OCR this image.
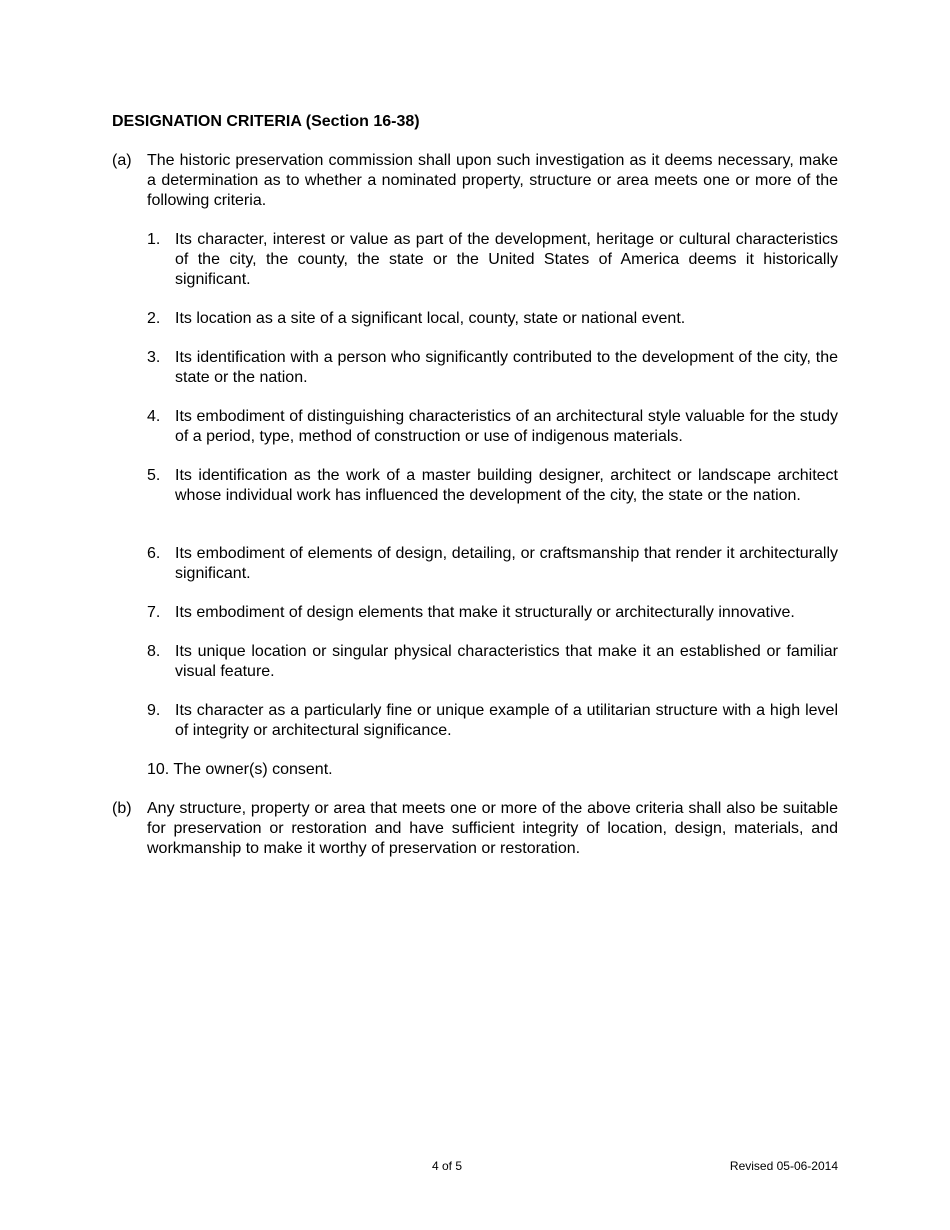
DESIGNATION CRITERIA (Section 16-38)
(a) The historic preservation commission shall upon such investigation as it deems necessary, make a determination as to whether a nominated property, structure or area meets one or more of the following criteria.
1. Its character, interest or value as part of the development, heritage or cultural characteristics of the city, the county, the state or the United States of America deems it historically significant.
2. Its location as a site of a significant local, county, state or national event.
3. Its identification with a person who significantly contributed to the development of the city, the state or the nation.
4. Its embodiment of distinguishing characteristics of an architectural style valuable for the study of a period, type, method of construction or use of indigenous materials.
5. Its identification as the work of a master building designer, architect or landscape architect whose individual work has influenced the development of the city, the state or the nation.
6. Its embodiment of elements of design, detailing, or craftsmanship that render it architecturally significant.
7. Its embodiment of design elements that make it structurally or architecturally innovative.
8. Its unique location or singular physical characteristics that make it an established or familiar visual feature.
9. Its character as a particularly fine or unique example of a utilitarian structure with a high level of integrity or architectural significance.
10. The owner(s) consent.
(b) Any structure, property or area that meets one or more of the above criteria shall also be suitable for preservation or restoration and have sufficient integrity of location, design, materials, and workmanship to make it worthy of preservation or restoration.
4 of 5	Revised 05-06-2014
